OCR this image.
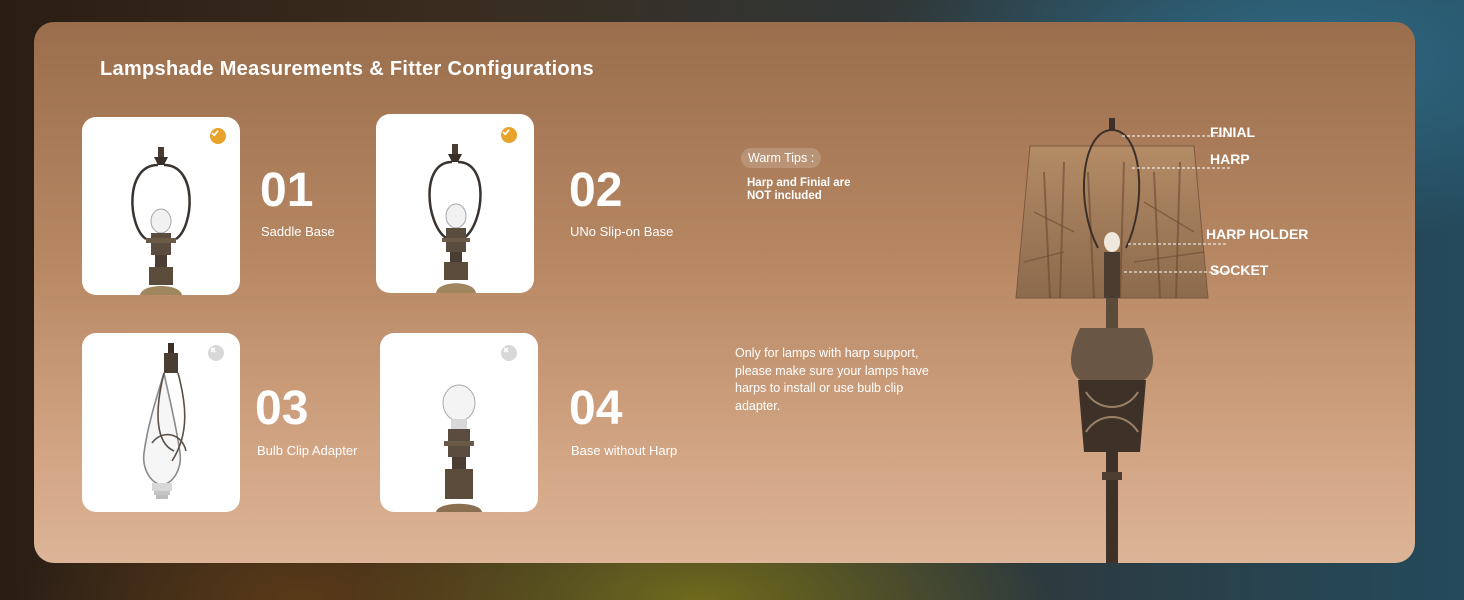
Lampshade Measurements & Fitter Configurations
01
Saddle Base
02
UNo Slip-on Base
03
Bulb Clip Adapter
04
Base without Harp
Warm Tips :
Harp and Finial are NOT included
Only for lamps with harp support, please make sure your lamps have harps to install or use bulb clip adapter.
FINIAL
HARP
HARP HOLDER
SOCKET
